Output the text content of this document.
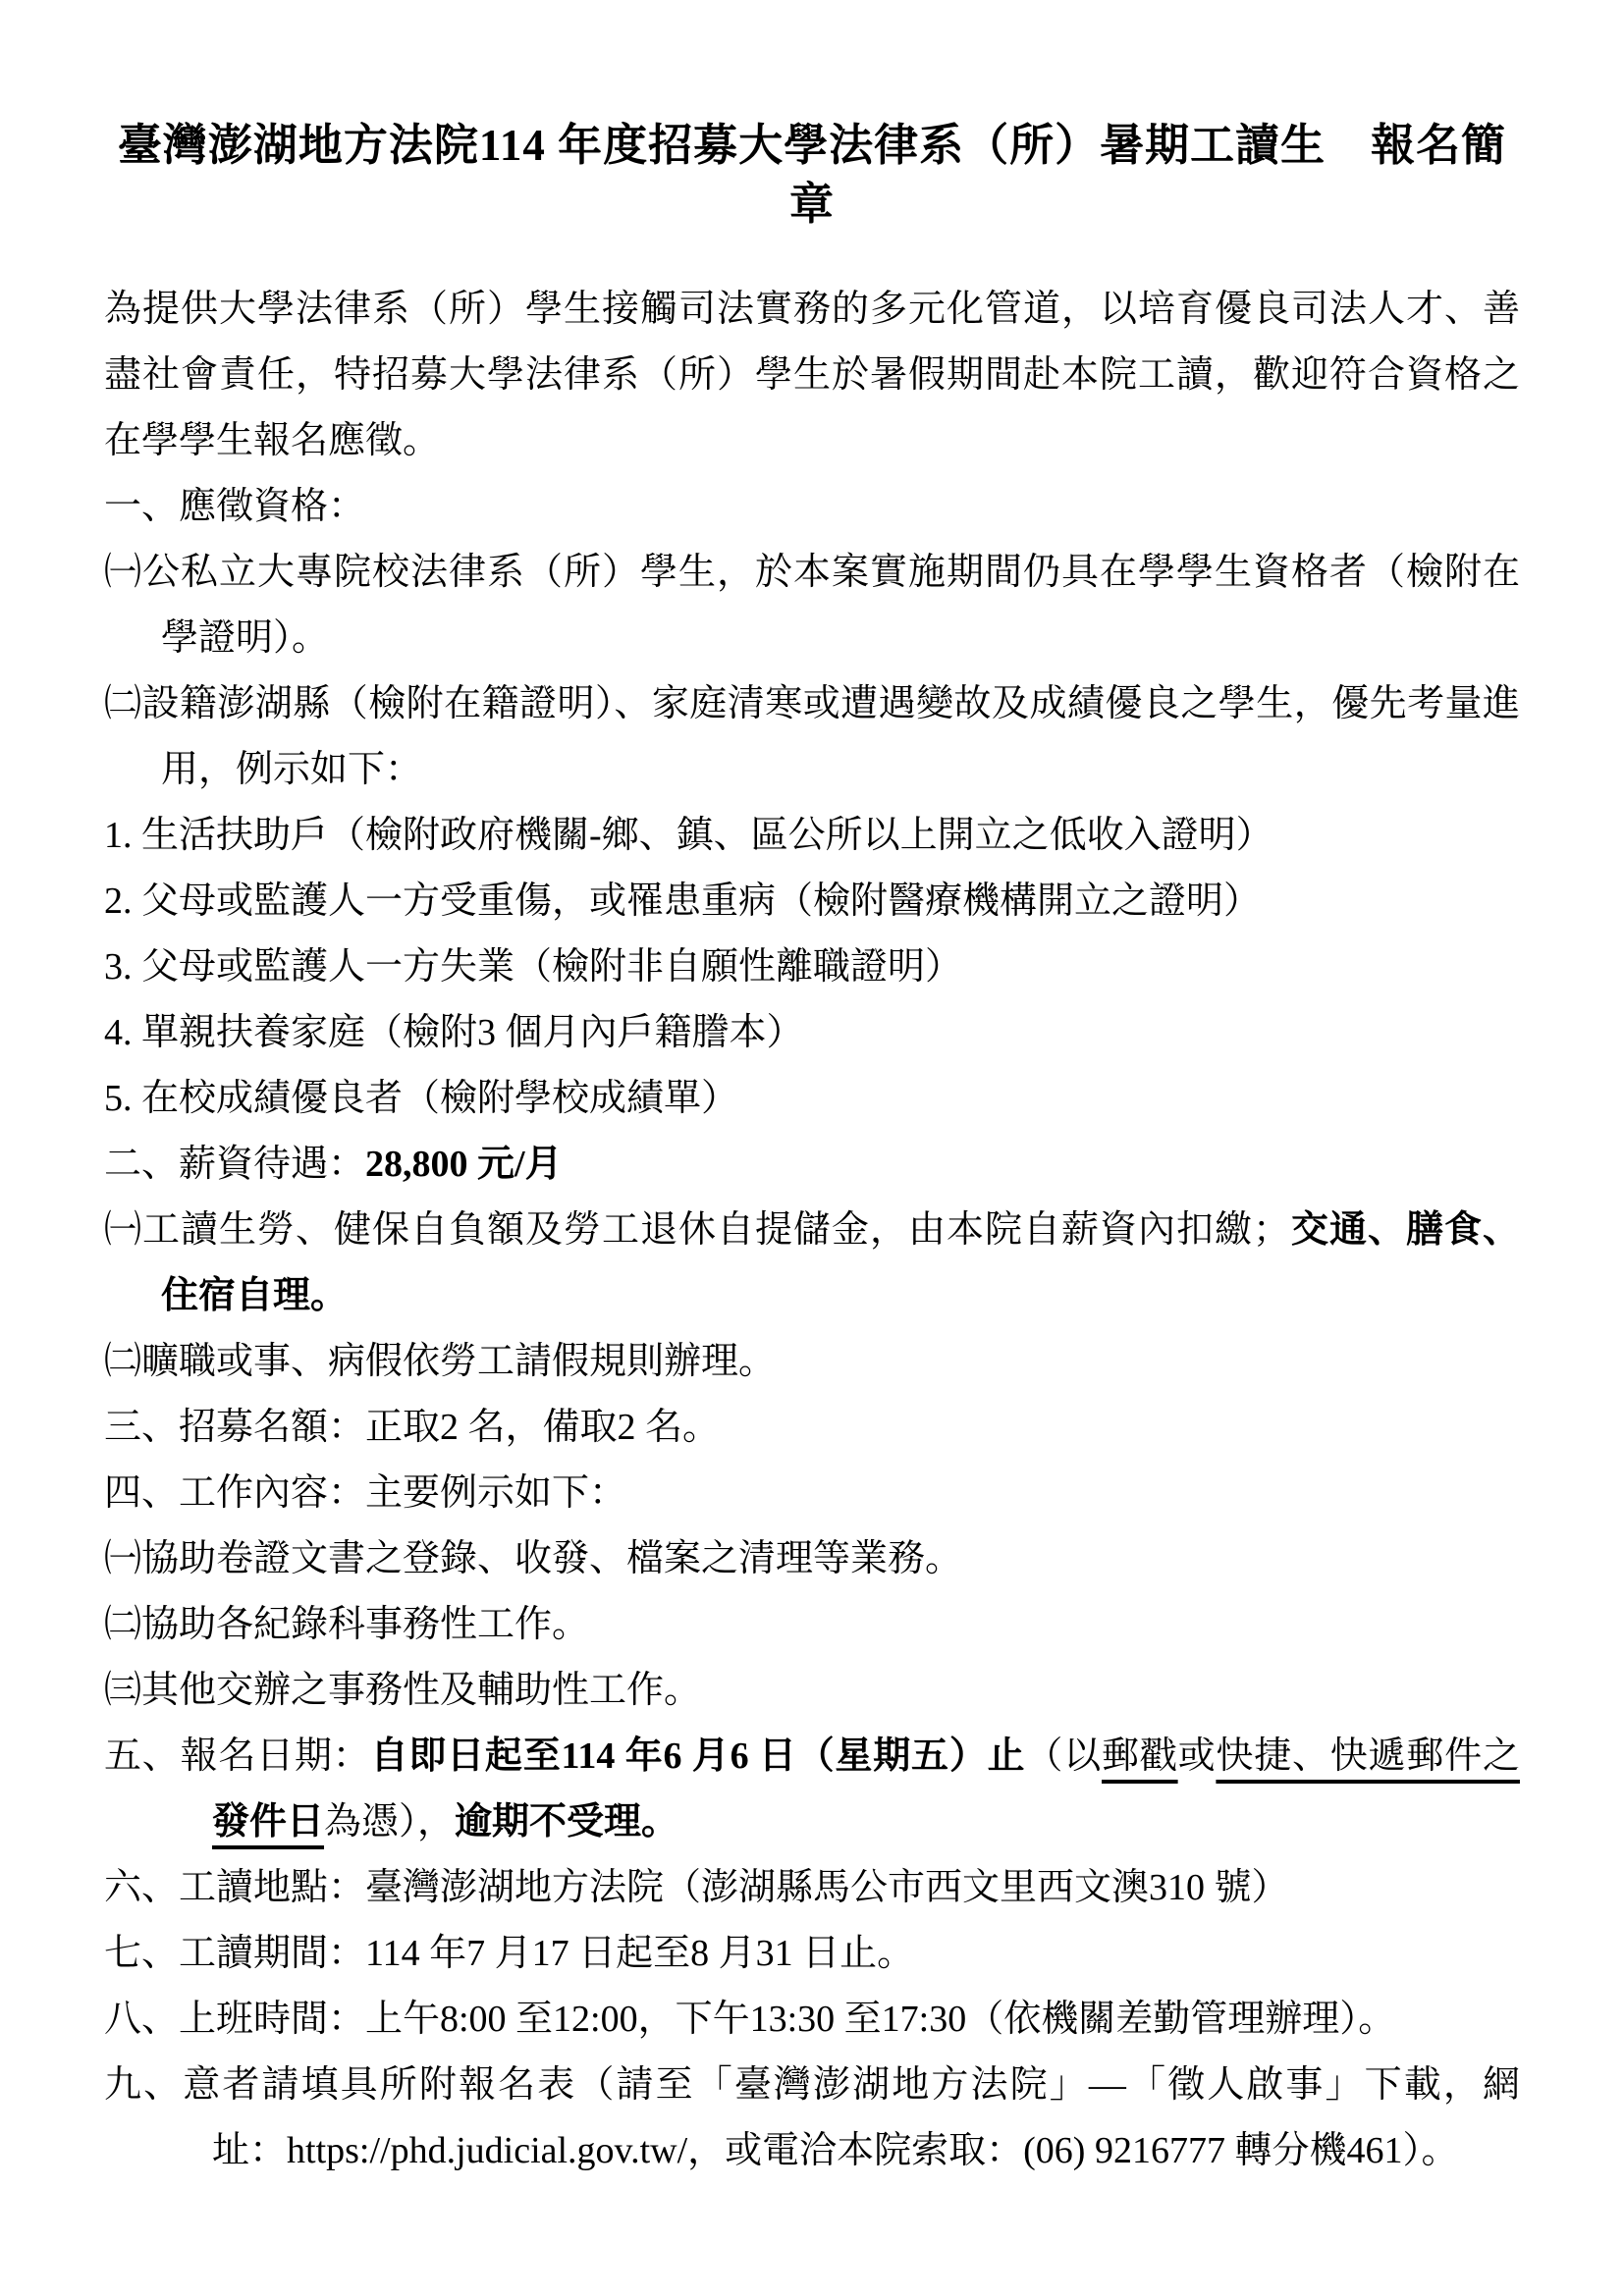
臺灣澎湖地方法院114 年度招募大學法律系（所）暑期工讀生　報名簡章

為提供大學法律系（所）學生接觸司法實務的多元化管道，以培育優良司法人才、善盡社會責任，特招募大學法律系（所）學生於暑假期間赴本院工讀，歡迎符合資格之在學學生報名應徵。

一、應徵資格：

㈠公私立大專院校法律系（所）學生，於本案實施期間仍具在學學生資格者（檢附在學證明）。

㈡設籍澎湖縣（檢附在籍證明）、家庭清寒或遭遇變故及成績優良之學生，優先考量進用，例示如下：

1. 生活扶助戶（檢附政府機關-鄉、鎮、區公所以上開立之低收入證明）

2. 父母或監護人一方受重傷，或罹患重病（檢附醫療機構開立之證明）

3. 父母或監護人一方失業（檢附非自願性離職證明）

4. 單親扶養家庭（檢附3 個月內戶籍謄本）

5. 在校成績優良者（檢附學校成績單）

二、薪資待遇：28,800 元/月

㈠工讀生勞、健保自負額及勞工退休自提儲金，由本院自薪資內扣繳；交通、膳食、住宿自理。

㈡曠職或事、病假依勞工請假規則辦理。

三、招募名額：正取2 名，備取2 名。

四、工作內容：主要例示如下：

㈠協助卷證文書之登錄、收發、檔案之清理等業務。

㈡協助各紀錄科事務性工作。

㈢其他交辦之事務性及輔助性工作。

五、報名日期：自即日起至114 年6 月6 日（星期五）止（以郵戳或快捷、快遞郵件之發件日為憑），逾期不受理。

六、工讀地點：臺灣澎湖地方法院（澎湖縣馬公市西文里西文澳310 號）

七、工讀期間：114 年7 月17 日起至8 月31 日止。

八、上班時間：上午8:00 至12:00，下午13:30 至17:30（依機關差勤管理辦理）。

九、意者請填具所附報名表（請至「臺灣澎湖地方法院」—「徵人啟事」下載，網址：https://phd.judicial.gov.tw/，或電洽本院索取：(06) 9216777 轉分機461）。
